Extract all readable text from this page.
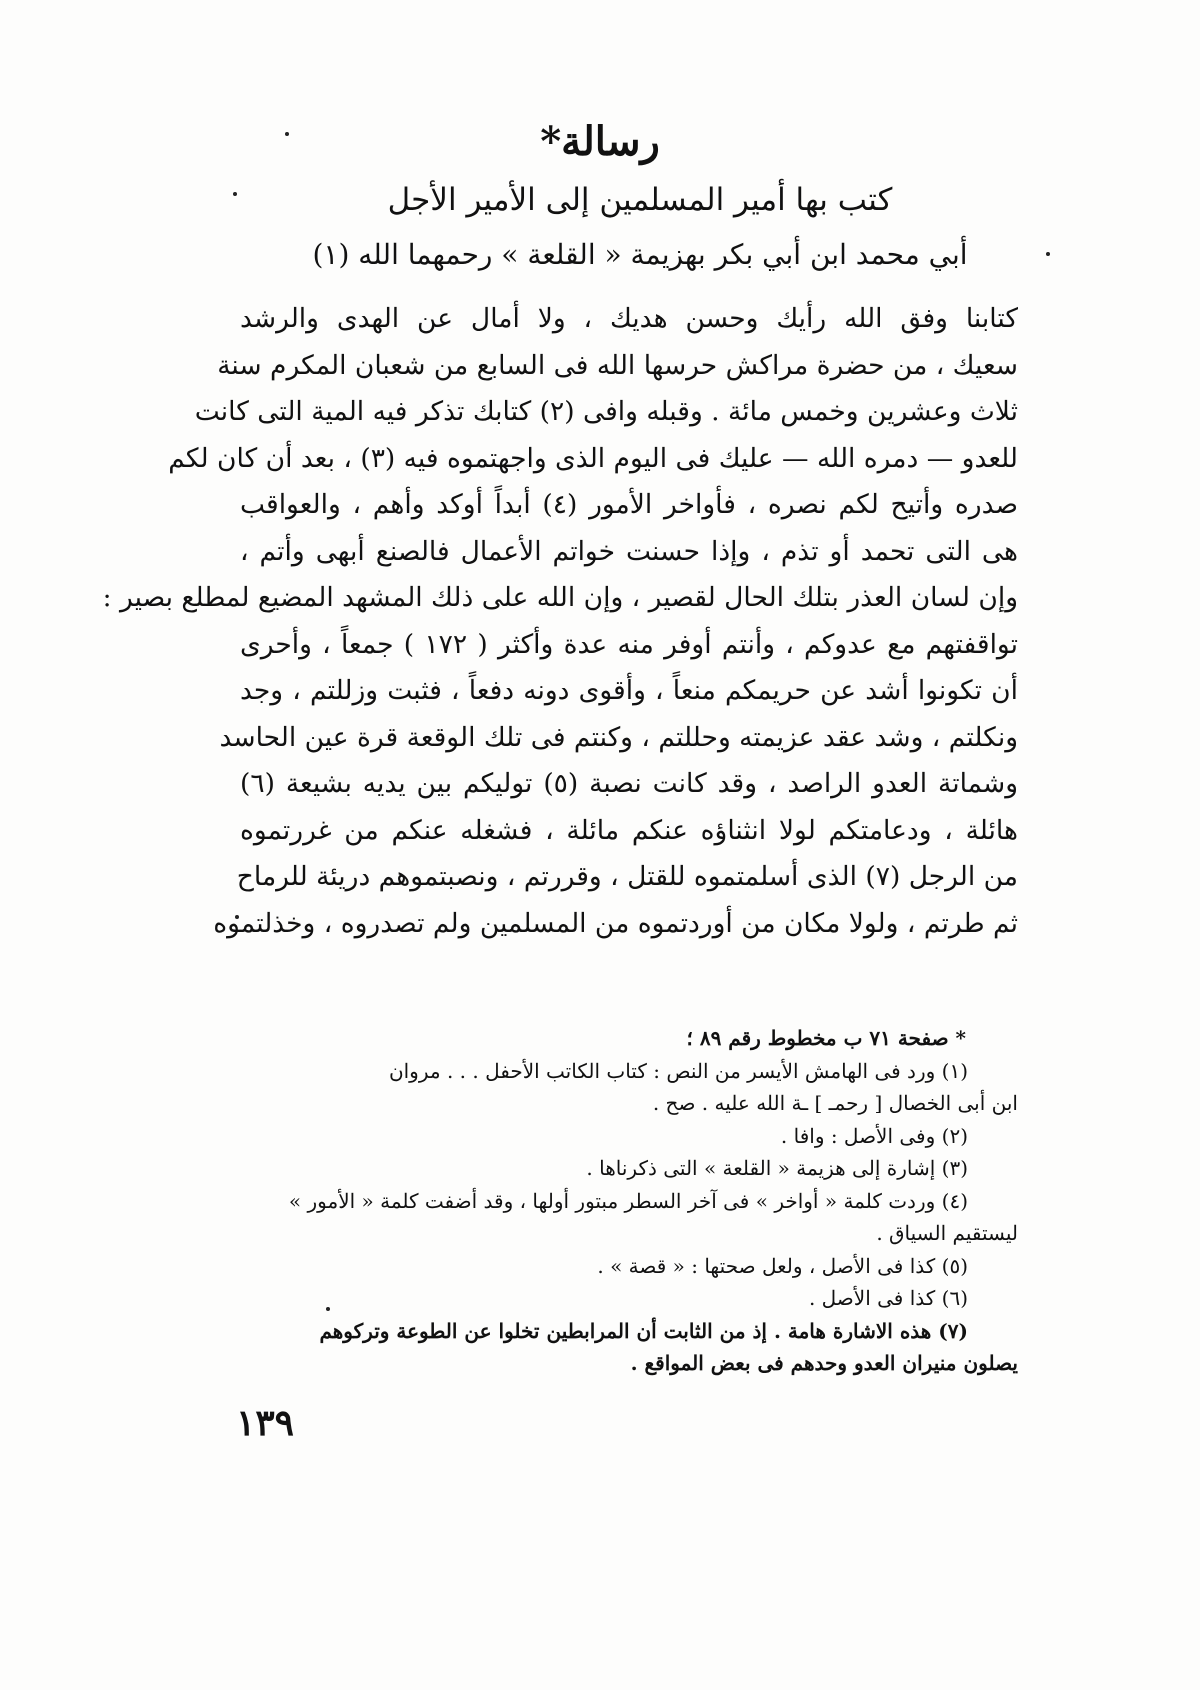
رسالة*
كتب بها أمير المسلمين إلى الأمير الأجل
أبي محمد ابن أبي بكر بهزيمة « القلعة » رحمهما الله (١)
كتابنا وفق الله رأيك وحسن هديك ، ولا أمال عن الهدى والرشد
سعيك ، من حضرة مراكش حرسها الله فى السابع من شعبان المكرم سنة
ثلاث وعشرين وخمس مائة . وقبله وافى (٢) كتابك تذكر فيه المية التى كانت
للعدو — دمره الله — عليك فى اليوم الذى واجهتموه فيه (٣) ، بعد أن كان لكم
صدره وأتيح لكم نصره ، فأواخر الأمور (٤) أبداً أوكد وأهم ، والعواقب
هى التى تحمد أو تذم ، وإذا حسنت خواتم الأعمال فالصنع أبهى وأتم ،
وإن لسان العذر بتلك الحال لقصير ، وإن الله على ذلك المشهد المضيع لمطلع بصير :
تواقفتهم مع عدوكم ، وأنتم أوفر منه عدة وأكثر ( ١٧٢ ) جمعاً ، وأحرى
أن تكونوا أشد عن حريمكم منعاً ، وأقوى دونه دفعاً ، فثبت وزللتم ، وجد
ونكلتم ، وشد عقد عزيمته وحللتم ، وكنتم فى تلك الوقعة قرة عين الحاسد
وشماتة العدو الراصد ، وقد كانت نصبة (٥) توليكم بين يديه بشيعة (٦)
هائلة ، ودعامتكم لولا انثناؤه عنكم مائلة ، فشغله عنكم من غررتموه
من الرجل (٧) الذى أسلمتموه للقتل ، وقررتم ، ونصبتموهم دريئة للرماح
ثم طرتم ، ولولا مكان من أوردتموه من المسلمين ولم تصدروه ، وخذلتموه
* صفحة ٧١ ب مخطوط رقم ٨٩ ؛
(١) ورد فى الهامش الأيسر من النص : كتاب الكاتب الأحفل . . . مروان
ابن أبى الخصال [ رحمـ ] ـة الله عليه . صح .
(٢) وفى الأصل : وافا .
(٣) إشارة إلى هزيمة « القلعة » التى ذكرناها .
(٤) وردت كلمة « أواخر » فى آخر السطر مبتور أولها ، وقد أضفت كلمة « الأمور »
ليستقيم السياق .
(٥) كذا فى الأصل ، ولعل صحتها : « قصة » .
(٦) كذا فى الأصل .
(٧) هذه الاشارة هامة . إذ من الثابت أن المرابطين تخلوا عن الطوعة وتركوهم
يصلون منيران العدو وحدهم فى بعض المواقع .
١٣٩
